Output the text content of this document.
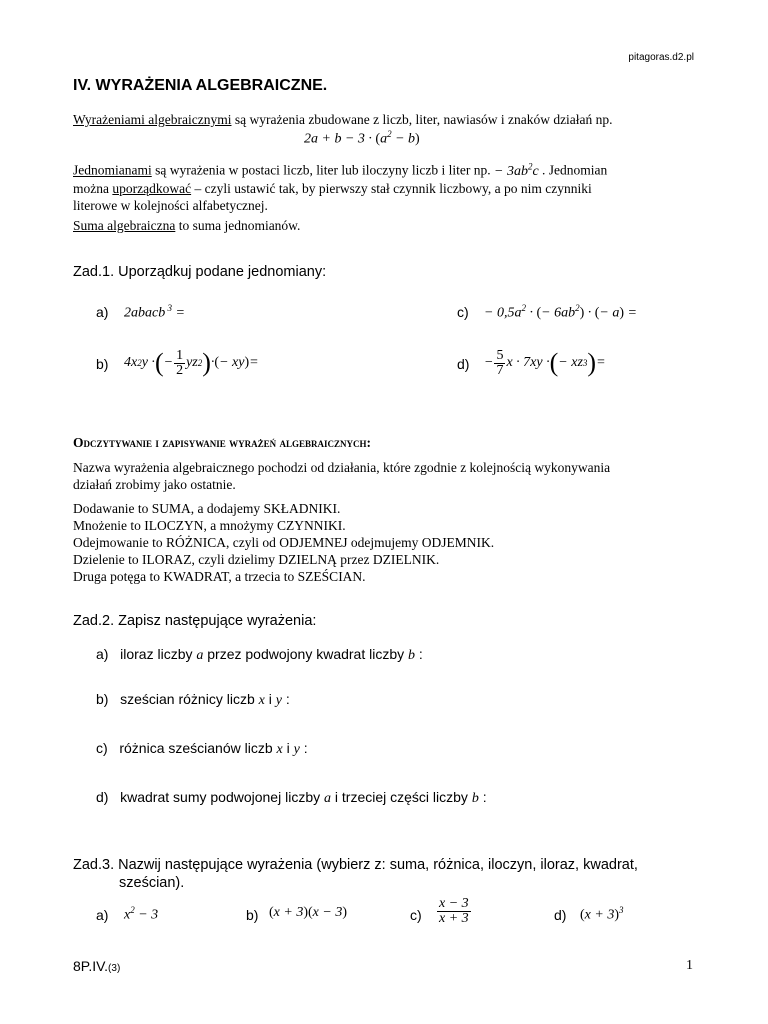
pitagoras.d2.pl
IV. WYRAŻENIA ALGEBRAICZNE.
Wyrażeniami algebraicznymi są wyrażenia zbudowane z liczb, liter, nawiasów i znaków działań np.
$2a + b - 3 \cdot (a^2 - b)$
Jednomianami są wyrażenia w postaci liczb, liter lub iloczyny liczb i liter np. − $3ab^2c$ . Jednomian
można uporządkować – czyli ustawić tak, by pierwszy stał czynnik liczbowy, a po nim czynniki
literowe w kolejności alfabetycznej.
Suma algebraiczna to suma jednomianów.
Zad.1. Uporządkuj podane jednomiany:
a) 2abacb $^3$ =	$c) - 0,5a^2$ · (− $6ab^2$) · (− a) =
b) 4x 2 y · ( − $\frac{1}{2}$ yz 2 ) · ( − xy ) =	$d) - \frac{5}{7}$ x · 7xy · ( − xz 3 ) =
Odczytywanie i zapisywanie wyrażeń algebraicznych:
Nazwa wyrażenia algebraicznego pochodzi od działania, które zgodnie z kolejnością wykonywania
działań zrobimy jako ostatnie.
Dodawanie to SUMA, a dodajemy SKŁADNIKI.
Mnożenie to ILOCZYN, a mnożymy CZYNNIKI.
Odejmowanie to RÓŻNICA, czyli od ODJEMNEJ odejmujemy ODJEMNIK.
Dzielenie to ILORAZ, czyli dzielimy DZIELNĄ przez DZIELNIK.
Druga potęga to KWADRAT, a trzecia to SZEŚCIAN.
Zad.2. Zapisz następujące wyrażenia:
a) iloraz liczby a przez podwojony kwadrat liczby b :
b) sześcian różnicy liczb x i y :
c) różnica sześcianów liczb x i y :
d) kwadrat sumy podwojonej liczby a i trzeciej części liczby b :
Zad.3. Nazwij następujące wyrażenia (wybierz z: suma, różnica, iloczyn, iloraz, kwadrat,
sześcian).
a) $x^2 - 3$	b) (x + 3)(x − 3)	$c) \frac{x - 3}{x + 3}$	d) $(x + 3)^3$
8P.IV.(3)	1
